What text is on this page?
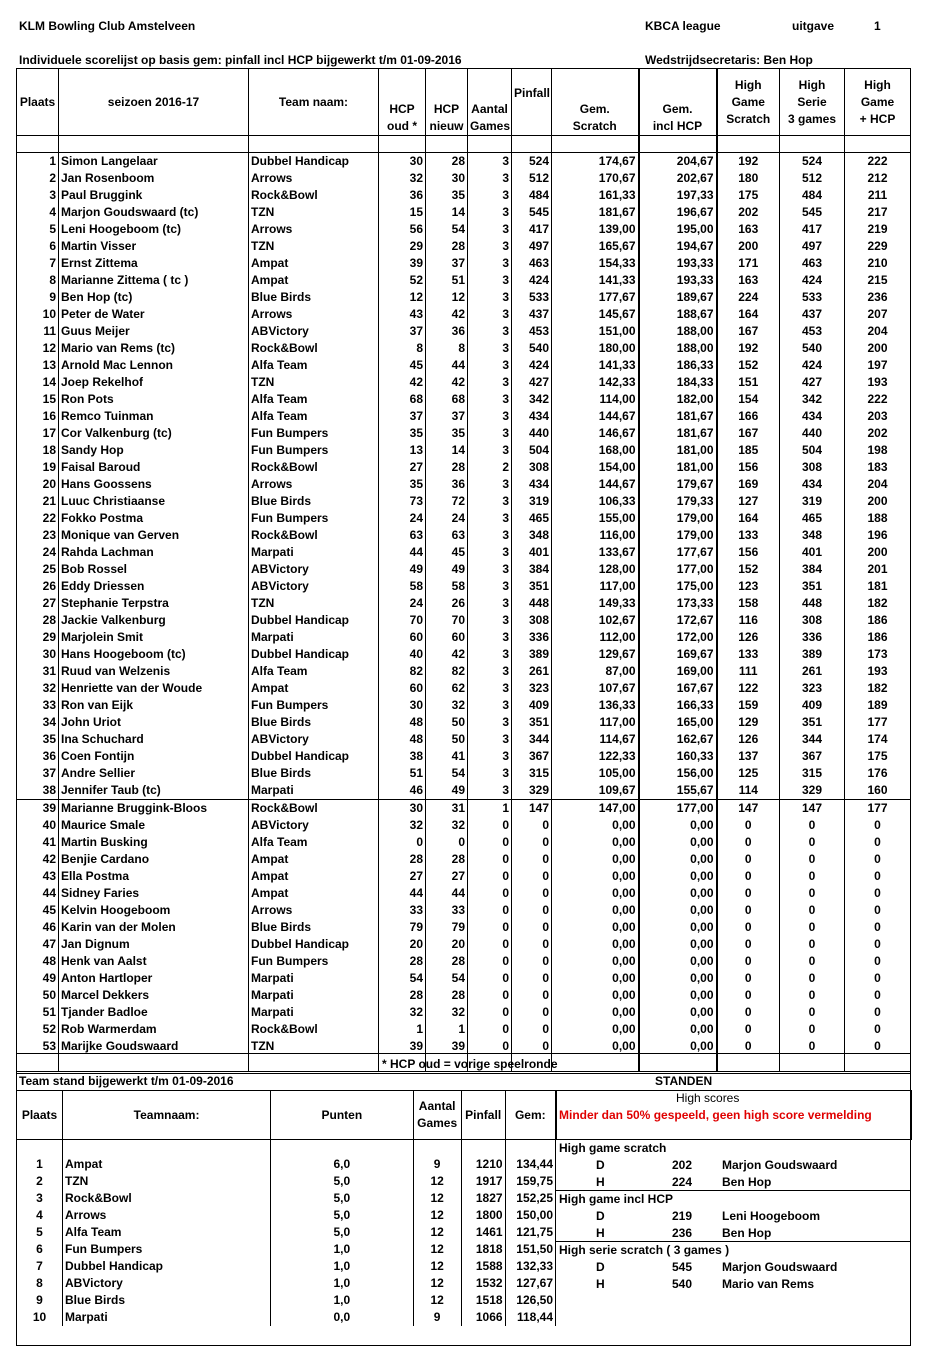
KLM Bowling Club Amstelveen	KBCA league	uitgave	1
Individuele scorelijst op basis gem: pinfall incl HCP bijgewerkt t/m 01-09-2016	Wedstrijdsecretaris: Ben Hop
Plaats	seizoen 2016-17	Team naam:	HCP
oud *	HCP
nieuw	Aantal
Games	Pinfall	Gem.
Scratch	Gem.
incl HCP	High
Game
Scratch	High
Serie
3 games	High
Game
+ HCP

1	Simon Langelaar	Dubbel Handicap	30	28	3	524	174,67	204,67	192	524	222
2	Jan Rosenboom	Arrows	32	30	3	512	170,67	202,67	180	512	212
3	Paul Bruggink	Rock&Bowl	36	35	3	484	161,33	197,33	175	484	211
4	Marjon Goudswaard (tc)	TZN	15	14	3	545	181,67	196,67	202	545	217
5	Leni Hoogeboom (tc)	Arrows	56	54	3	417	139,00	195,00	163	417	219
6	Martin Visser	TZN	29	28	3	497	165,67	194,67	200	497	229
7	Ernst Zittema	Ampat	39	37	3	463	154,33	193,33	171	463	210
8	Marianne Zittema ( tc )	Ampat	52	51	3	424	141,33	193,33	163	424	215
9	Ben Hop (tc)	Blue Birds	12	12	3	533	177,67	189,67	224	533	236
10	Peter de Water	Arrows	43	42	3	437	145,67	188,67	164	437	207
11	Guus Meijer	ABVictory	37	36	3	453	151,00	188,00	167	453	204
12	Mario van Rems (tc)	Rock&Bowl	8	8	3	540	180,00	188,00	192	540	200
13	Arnold Mac Lennon	Alfa Team	45	44	3	424	141,33	186,33	152	424	197
14	Joep Rekelhof	TZN	42	42	3	427	142,33	184,33	151	427	193
15	Ron Pots	Alfa Team	68	68	3	342	114,00	182,00	154	342	222
16	Remco Tuinman	Alfa Team	37	37	3	434	144,67	181,67	166	434	203
17	Cor Valkenburg (tc)	Fun Bumpers	35	35	3	440	146,67	181,67	167	440	202
18	Sandy Hop	Fun Bumpers	13	14	3	504	168,00	181,00	185	504	198
19	Faisal Baroud	Rock&Bowl	27	28	2	308	154,00	181,00	156	308	183
20	Hans Goossens	Arrows	35	36	3	434	144,67	179,67	169	434	204
21	Luuc Christiaanse	Blue Birds	73	72	3	319	106,33	179,33	127	319	200
22	Fokko Postma	Fun Bumpers	24	24	3	465	155,00	179,00	164	465	188
23	Monique van Gerven	Rock&Bowl	63	63	3	348	116,00	179,00	133	348	196
24	Rahda Lachman	Marpati	44	45	3	401	133,67	177,67	156	401	200
25	Bob Rossel	ABVictory	49	49	3	384	128,00	177,00	152	384	201
26	Eddy Driessen	ABVictory	58	58	3	351	117,00	175,00	123	351	181
27	Stephanie Terpstra	TZN	24	26	3	448	149,33	173,33	158	448	182
28	Jackie Valkenburg	Dubbel Handicap	70	70	3	308	102,67	172,67	116	308	186
29	Marjolein Smit	Marpati	60	60	3	336	112,00	172,00	126	336	186
30	Hans Hoogeboom (tc)	Dubbel Handicap	40	42	3	389	129,67	169,67	133	389	173
31	Ruud van Welzenis	Alfa Team	82	82	3	261	87,00	169,00	111	261	193
32	Henriette van der Woude	Ampat	60	62	3	323	107,67	167,67	122	323	182
33	Ron van Eijk	Fun Bumpers	30	32	3	409	136,33	166,33	159	409	189
34	John Uriot	Blue Birds	48	50	3	351	117,00	165,00	129	351	177
35	Ina Schuchard	ABVictory	48	50	3	344	114,67	162,67	126	344	174
36	Coen Fontijn	Dubbel Handicap	38	41	3	367	122,33	160,33	137	367	175
37	Andre Sellier	Blue Birds	51	54	3	315	105,00	156,00	125	315	176
38	Jennifer Taub (tc)	Marpati	46	49	3	329	109,67	155,67	114	329	160
39	Marianne Bruggink-Bloos	Rock&Bowl	30	31	1	147	147,00	177,00	147	147	177
40	Maurice Smale	ABVictory	32	32	0	0	0,00	0,00	0	0	0
41	Martin Busking	Alfa Team	0	0	0	0	0,00	0,00	0	0	0
42	Benjie Cardano	Ampat	28	28	0	0	0,00	0,00	0	0	0
43	Ella Postma	Ampat	27	27	0	0	0,00	0,00	0	0	0
44	Sidney Faries	Ampat	44	44	0	0	0,00	0,00	0	0	0
45	Kelvin Hoogeboom	Arrows	33	33	0	0	0,00	0,00	0	0	0
46	Karin van der Molen	Blue Birds	79	79	0	0	0,00	0,00	0	0	0
47	Jan Dignum	Dubbel Handicap	20	20	0	0	0,00	0,00	0	0	0
48	Henk van Aalst	Fun Bumpers	28	28	0	0	0,00	0,00	0	0	0
49	Anton Hartloper	Marpati	54	54	0	0	0,00	0,00	0	0	0
50	Marcel Dekkers	Marpati	28	28	0	0	0,00	0,00	0	0	0
51	Tjander Badloe	Marpati	32	32	0	0	0,00	0,00	0	0	0
52	Rob Warmerdam	Rock&Bowl	1	1	0	0	0,00	0,00	0	0	0
53	Marijke Goudswaard	TZN	39	39	0	0	0,00	0,00	0	0	0

* HCP oud = vorige speelronde
Team stand bijgewerkt t/m 01-09-2016	STANDEN
Plaats	Teamnaam:	Punten	Aantal
Games	Pinfall	Gem:

1	Ampat	6,0	9	1210	134,44
2	TZN	5,0	12	1917	159,75
3	Rock&Bowl	5,0	12	1827	152,25
4	Arrows	5,0	12	1800	150,00
5	Alfa Team	5,0	12	1461	121,75
6	Fun Bumpers	1,0	12	1818	151,50
7	Dubbel Handicap	1,0	12	1588	132,33
8	ABVictory	1,0	12	1532	127,67
9	Blue Birds	1,0	12	1518	126,50
10	Marpati	0,0	9	1066	118,44
High scores
Minder dan 50% gespeeld, geen high score vermelding
High game scratch
D	202 Marjon Goudswaard
H	224 Ben Hop
High game incl HCP
D	219 Leni Hoogeboom
H	236 Ben Hop
High serie scratch ( 3 games )
D	545 Marjon Goudswaard
H	540 Mario van Rems
